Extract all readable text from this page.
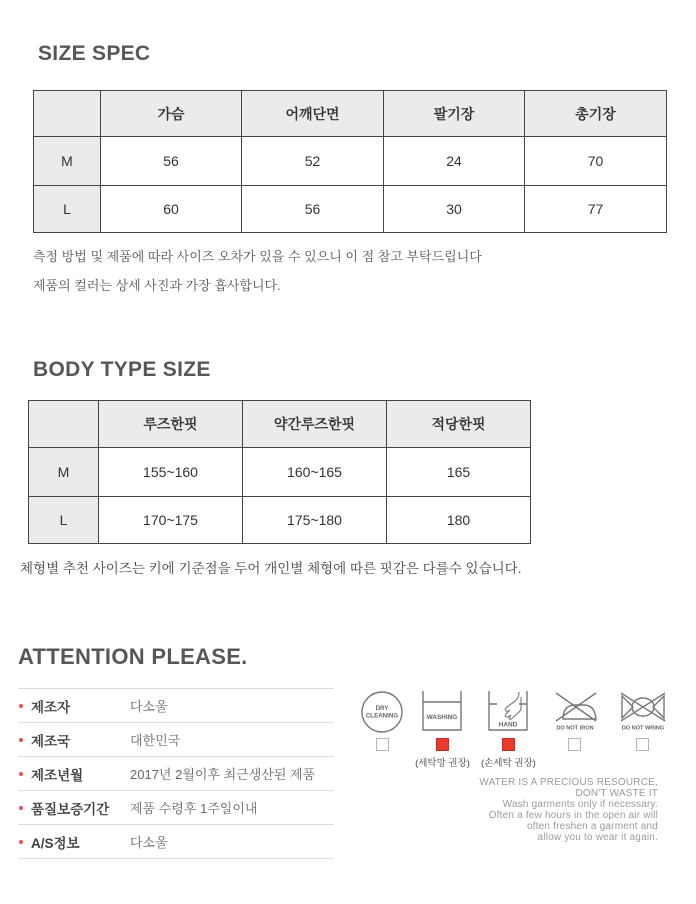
SIZE SPEC
	가슴	어깨단면	팔기장	총기장
M	56	52	24	70
L	60	56	30	77
측정 방법 및 제품에 따라 사이즈 오차가 있을 수 있으니 이 점 참고 부탁드립니다
제품의 컬러는 상세 사진과 가장 흡사합니다.
BODY TYPE SIZE
	루즈한핏	약간루즈한핏	적당한핏
M	155~160	160~165	165
L	170~175	175~180	180
체형별 추천 사이즈는 키에 기준점을 두어 개인별 체형에 따른 핏감은 다를수 있습니다.
ATTENTION PLEASE.
제조자	다소울
제조국	대한민국
제조년월	2017년 2월이후 최근생산된 제품
품질보증기간	제품 수령후 1주일이내
A/S정보	다소울
DRY
CLEANING	WASHING
(세탁망 권장)
HAND
(손세탁 권장)
DO NOT IRON	DO NOT WRING
WATER IS A PRECIOUS RESOURCE,
DON'T WASTE IT
Wash garments only if necessary.
Often a few hours in the open air will
often freshen a garment and
allow you to wear it again.
